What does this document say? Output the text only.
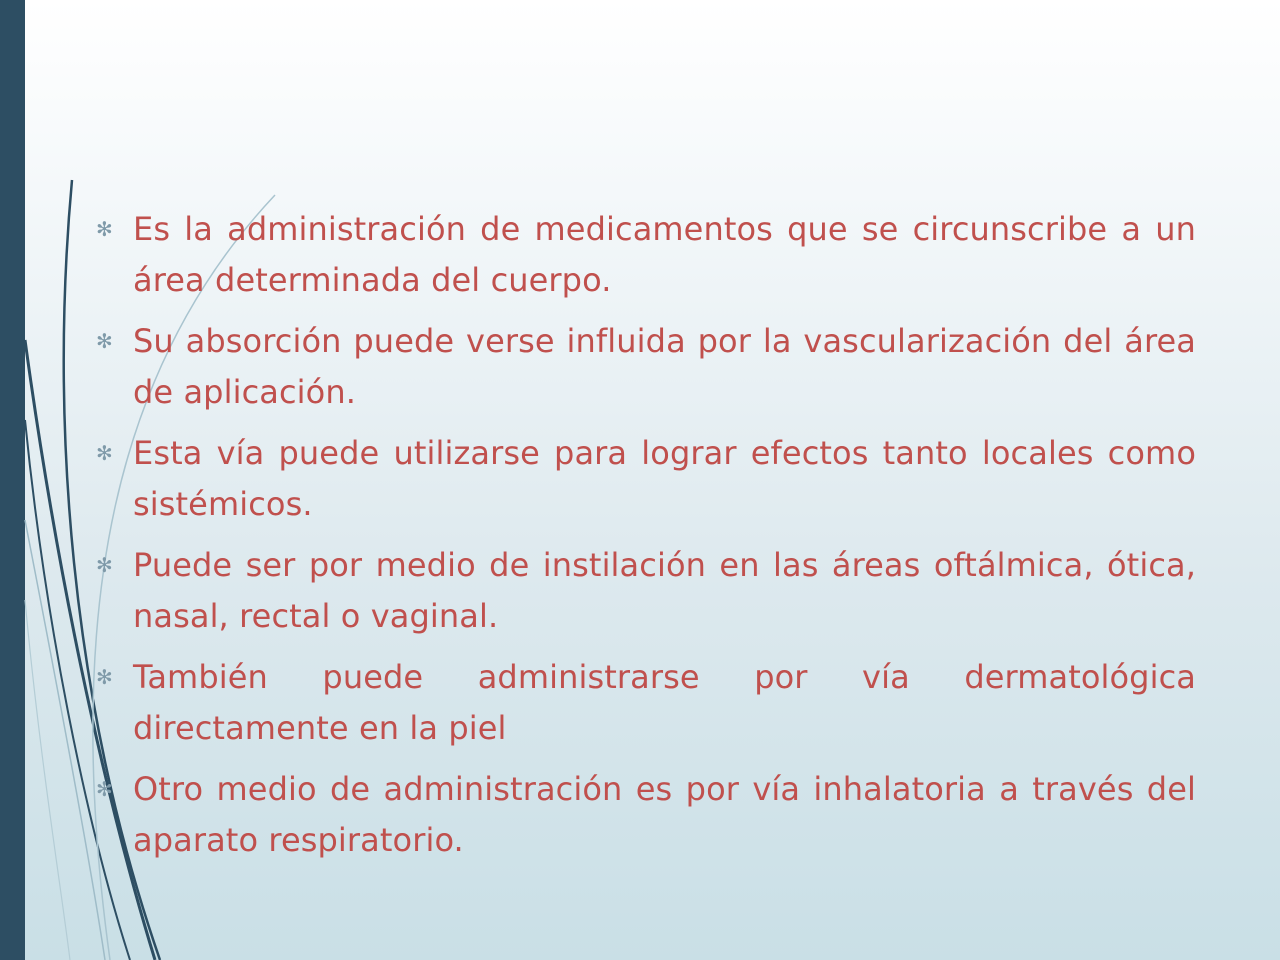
✻ Es la administración de medicamentos que se circunscribe a un área determinada del cuerpo.
✻ Su absorción puede verse influida por la vascularización del área de aplicación.
✻ Esta vía puede utilizarse para lograr efectos tanto locales como sistémicos.
✻ Puede ser por medio de instilación en las áreas oftálmica, ótica, nasal, rectal o vaginal.
✻ También puede administrarse por vía dermatológica directamente en la piel
✻ Otro medio de administración es por vía inhalatoria a través del aparato respiratorio.
